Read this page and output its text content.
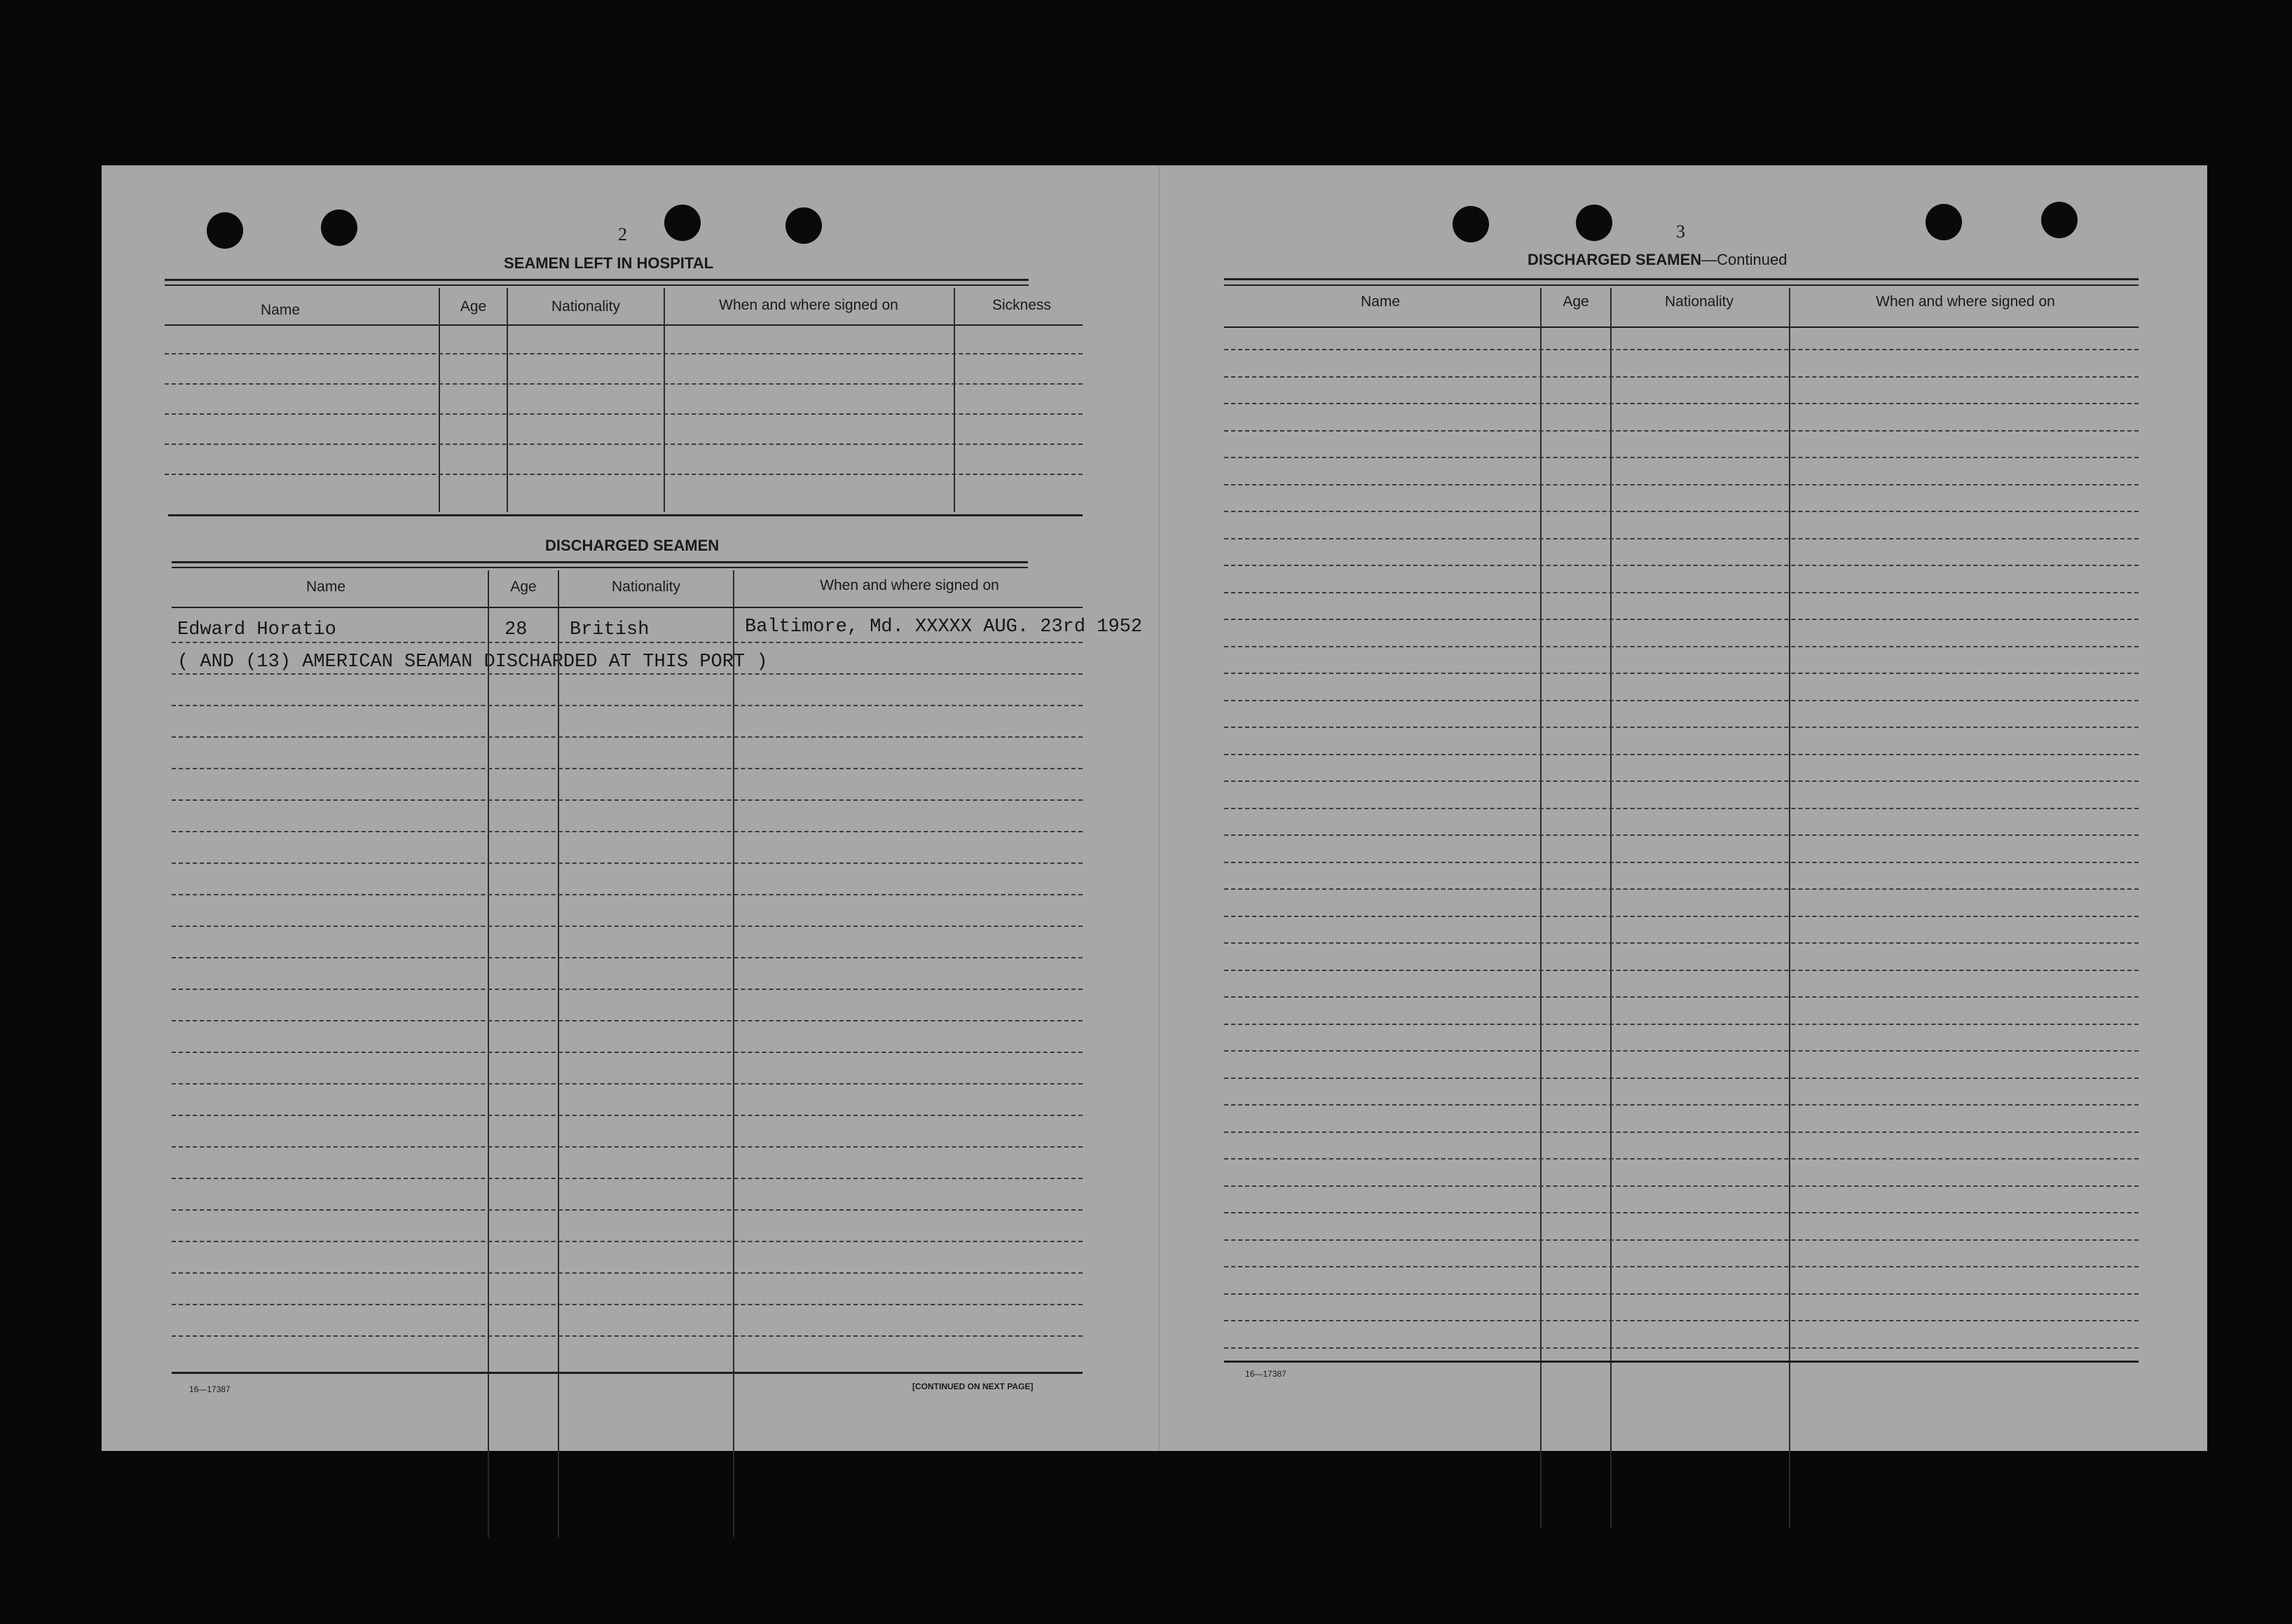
2
SEAMEN LEFT IN HOSPITAL
Name	Age	Nationality	When and where signed on	Sickness
DISCHARGED SEAMEN
Name	Age	Nationality	When and where signed on
Edward Horatio	28 British	Baltimore, Md. XXXXX AUG. 23rd 1952
( AND (13) AMERICAN SEAMAN DISCHARDED AT THIS PORT )
16—17387	[CONTINUED ON NEXT PAGE]
3
DISCHARGED SEAMEN—Continued
Name	Age	Nationality	When and where signed on
16—17387
